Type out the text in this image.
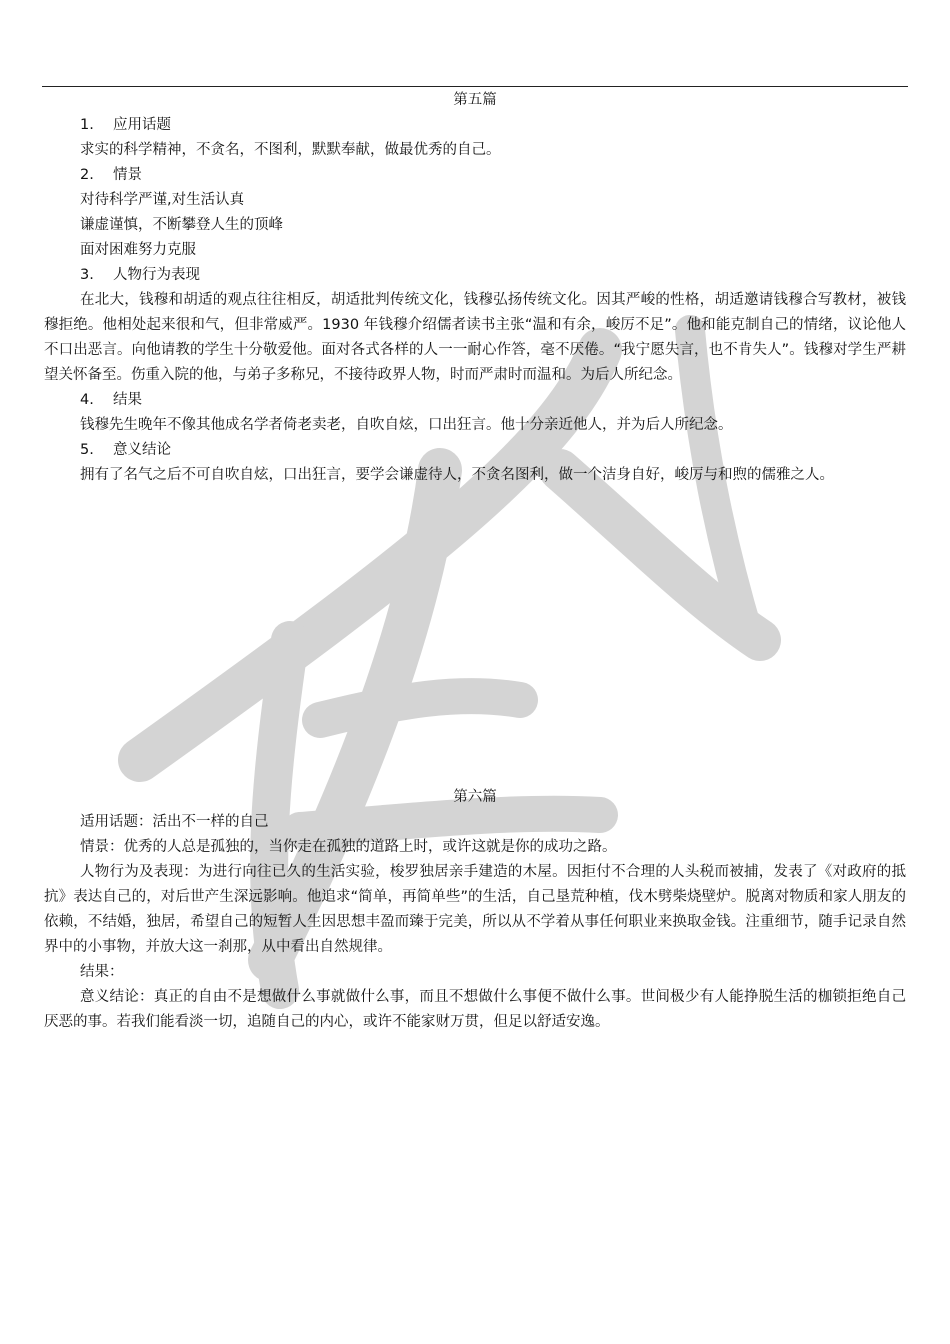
第五篇

1. 应用话题

求实的科学精神，不贪名，不图利，默默奉献，做最优秀的自己。

2. 情景

对待科学严谨,对生活认真

谦虚谨慎，不断攀登人生的顶峰

面对困难努力克服

3. 人物行为表现

在北大，钱穆和胡适的观点往往相反，胡适批判传统文化，钱穆弘扬传统文化。因其严峻的性格，胡适邀请钱穆合写教材，被钱穆拒绝。他相处起来很和气，但非常威严。1930 年钱穆介绍儒者读书主张“温和有余，峻厉不足”。他和能克制自己的情绪，议论他人不口出恶言。向他请教的学生十分敬爱他。面对各式各样的人一一耐心作答，毫不厌倦。“我宁愿失言，也不肯失人”。钱穆对学生严耕望关怀备至。伤重入院的他，与弟子多称兄，不接待政界人物，时而严肃时而温和。为后人所纪念。

4. 结果

钱穆先生晚年不像其他成名学者倚老卖老，自吹自炫，口出狂言。他十分亲近他人，并为后人所纪念。

5. 意义结论

拥有了名气之后不可自吹自炫，口出狂言，要学会谦虚待人，不贪名图利，做一个洁身自好，峻厉与和煦的儒雅之人。

第六篇

适用话题：活出不一样的自己

情景：优秀的人总是孤独的，当你走在孤独的道路上时，或许这就是你的成功之路。

人物行为及表现：为进行向往已久的生活实验，梭罗独居亲手建造的木屋。因拒付不合理的人头税而被捕，发表了《对政府的抵抗》表达自己的，对后世产生深远影响。他追求“简单，再简单些”的生活，自己垦荒种植，伐木劈柴烧壁炉。脱离对物质和家人朋友的依赖，不结婚，独居，希望自己的短暂人生因思想丰盈而臻于完美，所以从不学着从事任何职业来换取金钱。注重细节，随手记录自然界中的小事物，并放大这一刹那，从中看出自然规律。

结果：

意义结论：真正的自由不是想做什么事就做什么事，而且不想做什么事便不做什么事。世间极少有人能挣脱生活的枷锁拒绝自己厌恶的事。若我们能看淡一切，追随自己的内心，或许不能家财万贯，但足以舒适安逸。
